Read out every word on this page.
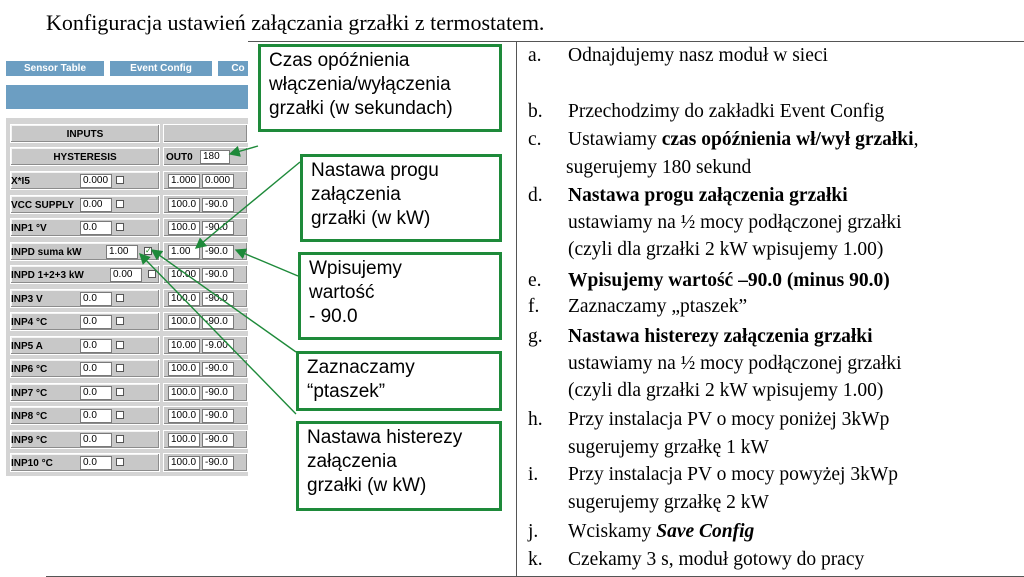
Konfiguracja ustawień załączania grzałki z termostatem.
Sensor Table	Event Config	Co
INPUTS
HYSTERESIS	OUT0	180
X*I5	0.000	1.000 0.000
VCC SUPPLY 0.00	100.0 -90.0
INP1 °V	0.0	100.0 -90.0
INPD suma kW	1.00	✓	1.00	-90.0
INPD 1+2+3 kW	0.00	10.00 -90.0
INP3 V	0.0	100.0 -90.0
INP4 °C	0.0	100.0 -90.0
INP5 A	0.0	10.00 -9.00
INP6 °C	0.0	100.0 -90.0
INP7 °C	0.0	100.0 -90.0
INP8 °C	0.0	100.0 -90.0
INP9 °C	0.0	100.0 -90.0
INP10 °C	0.0	100.0 -90.0
Czas opóźnienia
włączenia/wyłączenia
grzałki (w sekundach)
Nastawa progu
załączenia
grzałki (w kW)
Wpisujemy
wartość
- 90.0
Zaznaczamy
“ptaszek”
Nastawa histerezy
załączenia
grzałki (w kW)
a. Odnajdujemy nasz moduł w sieci
b. Przechodzimy do zakładki Event Config
c. Ustawiamy czas opóźnienia wł/wył grzałki,
sugerujemy 180 sekund
d. Nastawa progu załączenia grzałki
ustawiamy na ½ mocy podłączonej grzałki
(czyli dla grzałki 2 kW wpisujemy 1.00)
e. Wpisujemy wartość –90.0 (minus 90.0)
f. Zaznaczamy „ptaszek”
g. Nastawa histerezy załączenia grzałki
ustawiamy na ½ mocy podłączonej grzałki
(czyli dla grzałki 2 kW wpisujemy 1.00)
h. Przy instalacja PV o mocy poniżej 3kWp
sugerujemy grzałkę 1 kW
i. Przy instalacja PV o mocy powyżej 3kWp
sugerujemy grzałkę 2 kW
j. Wciskamy Save Config
k. Czekamy 3 s, moduł gotowy do pracy
